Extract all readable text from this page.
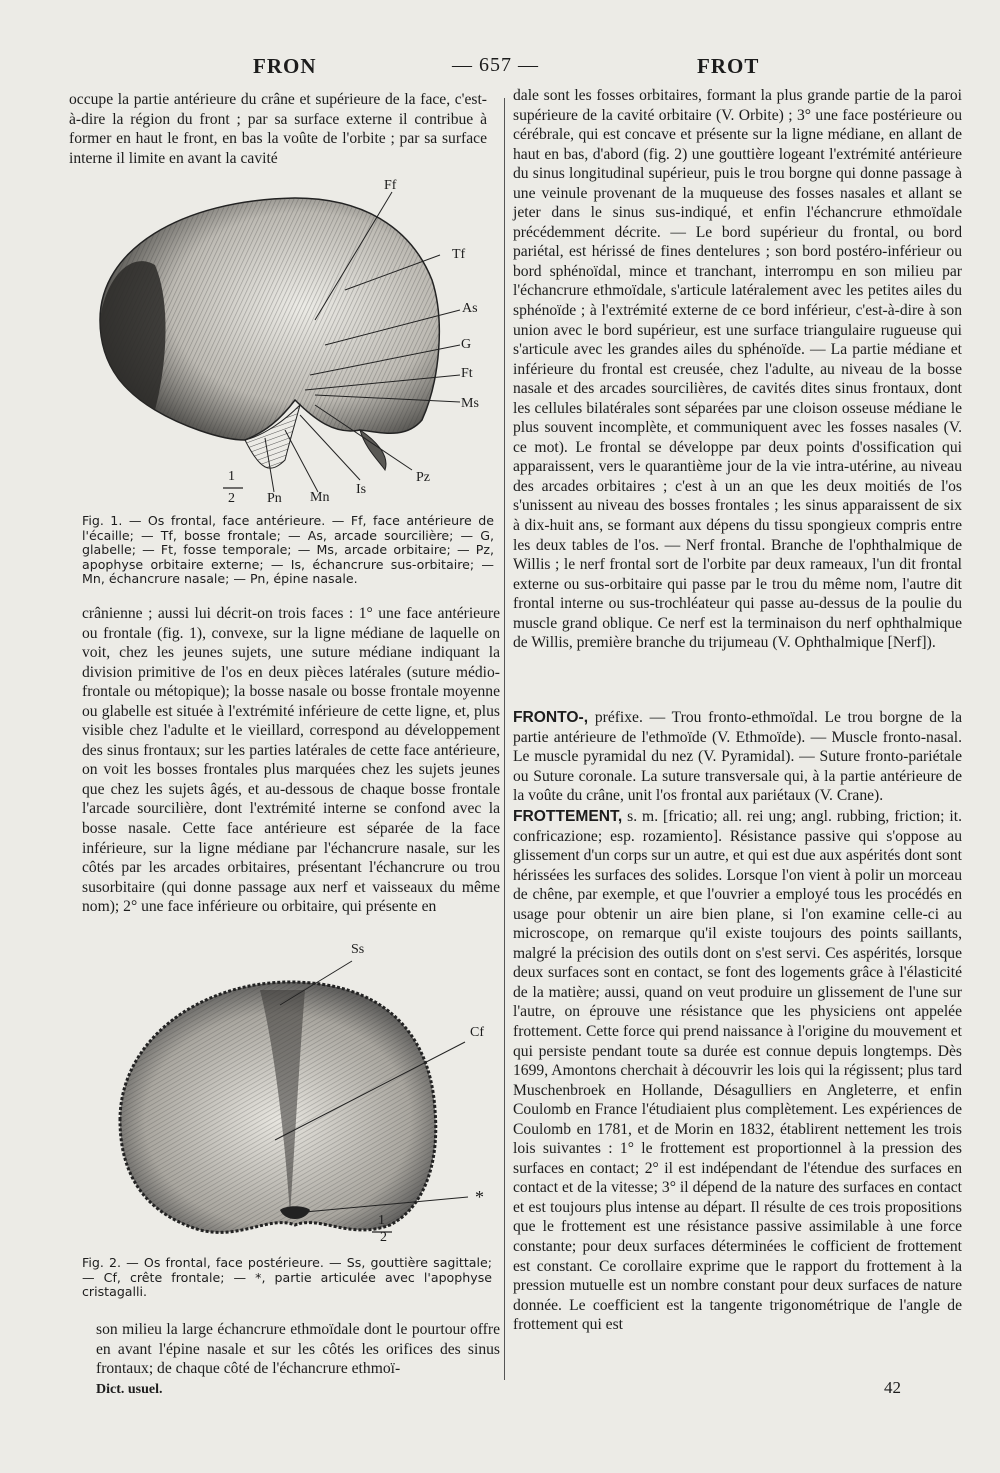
FRON	— 657 —	FROT

occupe la partie antérieure du crâne et supérieure de la face, c'est-à-dire la région du front ; par sa surface externe il contribue à former en haut le front, en bas la voûte de l'orbite ; par sa surface interne il limite en avant la cavité

Ff
Tf
As
G
Ft
Ms
Pz
Is
Mn
Pn
1
2
Fig. 1. — Os frontal, face antérieure. — Ff, face antérieure de l'écaille; — Tf, bosse frontale; — As, arcade sourcilière; — G, glabelle; — Ft, fosse temporale; — Ms, arcade orbitaire; — Pz, apophyse orbitaire externe; — Is, échancrure sus-orbitaire; — Mn, échancrure nasale; — Pn, épine nasale.

crânienne ; aussi lui décrit-on trois faces : 1° une face antérieure ou frontale (fig. 1), convexe, sur la ligne médiane de laquelle on voit, chez les jeunes sujets, une suture médiane indiquant la division primitive de l'os en deux pièces latérales (suture médio-frontale ou métopique); la bosse nasale ou bosse frontale moyenne ou glabelle est située à l'extrémité inférieure de cette ligne, et, plus visible chez l'adulte et le vieillard, correspond au développement des sinus frontaux; sur les parties latérales de cette face antérieure, on voit les bosses frontales plus marquées chez les sujets jeunes que chez les sujets âgés, et au-dessous de chaque bosse frontale l'arcade sourcilière, dont l'extrémité interne se confond avec la bosse nasale. Cette face antérieure est séparée de la face inférieure, sur la ligne médiane par l'échancrure nasale, sur les côtés par les arcades orbitaires, présentant l'échancrure ou trou susorbitaire (qui donne passage aux nerf et vaisseaux du même nom); 2° une face inférieure ou orbitaire, qui présente en

Ss
Cf
*
1
2
Fig. 2. — Os frontal, face postérieure. — Ss, gouttière sagittale; — Cf, crête frontale; — *, partie articulée avec l'apophyse cristagalli.

son milieu la large échancrure ethmoïdale dont le pourtour offre en avant l'épine nasale et sur les côtés les orifices des sinus frontaux; de chaque côté de l'échancrure ethmoï-

Dict. usuel.

dale sont les fosses orbitaires, formant la plus grande partie de la paroi supérieure de la cavité orbitaire (V. Orbite) ; 3° une face postérieure ou cérébrale, qui est concave et présente sur la ligne médiane, en allant de haut en bas, d'abord (fig. 2) une gouttière logeant l'extrémité antérieure du sinus longitudinal supérieur, puis le trou borgne qui donne passage à une veinule provenant de la muqueuse des fosses nasales et allant se jeter dans le sinus sus-indiqué, et enfin l'échancrure ethmoïdale précédemment décrite. — Le bord supérieur du frontal, ou bord pariétal, est hérissé de fines dentelures ; son bord postéro-inférieur ou bord sphénoïdal, mince et tranchant, interrompu en son milieu par l'échancrure ethmoïdale, s'articule latéralement avec les petites ailes du sphénoïde ; à l'extrémité externe de ce bord inférieur, c'est-à-dire à son union avec le bord supérieur, est une surface triangulaire rugueuse qui s'articule avec les grandes ailes du sphénoïde. — La partie médiane et inférieure du frontal est creusée, chez l'adulte, au niveau de la bosse nasale et des arcades sourcilières, de cavités dites sinus frontaux, dont les cellules bilatérales sont séparées par une cloison osseuse médiane le plus souvent incomplète, et communiquent avec les fosses nasales (V. ce mot). Le frontal se développe par deux points d'ossification qui apparaissent, vers le quarantième jour de la vie intra-utérine, au niveau des arcades orbitaires ; c'est à un an que les deux moitiés de l'os s'unissent au niveau des bosses frontales ; les sinus apparaissent de six à dix-huit ans, se formant aux dépens du tissu spongieux compris entre les deux tables de l'os. — Nerf frontal. Branche de l'ophthalmique de Willis ; le nerf frontal sort de l'orbite par deux rameaux, l'un dit frontal externe ou sus-orbitaire qui passe par le trou du même nom, l'autre dit frontal interne ou sus-trochléateur qui passe au-dessus de la poulie du muscle grand oblique. Ce nerf est la terminaison du nerf ophthalmique de Willis, première branche du trijumeau (V. Ophthalmique [Nerf]).

FRONTO-, préfixe. — Trou fronto-ethmoïdal. Le trou borgne de la partie antérieure de l'ethmoïde (V. Ethmoïde). — Muscle fronto-nasal. Le muscle pyramidal du nez (V. Pyramidal). — Suture fronto-pariétale ou Suture coronale. La suture transversale qui, à la partie antérieure de la voûte du crâne, unit l'os frontal aux pariétaux (V. Crane).

FROTTEMENT, s. m. [fricatio; all. rei ung; angl. rubbing, friction; it. confricazione; esp. rozamiento]. Résistance passive qui s'oppose au glissement d'un corps sur un autre, et qui est due aux aspérités dont sont hérissées les surfaces des solides. Lorsque l'on vient à polir un morceau de chêne, par exemple, et que l'ouvrier a employé tous les procédés en usage pour obtenir un aire bien plane, si l'on examine celle-ci au microscope, on remarque qu'il existe toujours des points saillants, malgré la précision des outils dont on s'est servi. Ces aspérités, lorsque deux surfaces sont en contact, se font des logements grâce à l'élasticité de la matière; aussi, quand on veut produire un glissement de l'une sur l'autre, on éprouve une résistance que les physiciens ont appelée frottement. Cette force qui prend naissance à l'origine du mouvement et qui persiste pendant toute sa durée est connue depuis longtemps. Dès 1699, Amontons cherchait à découvrir les lois qui la régissent; plus tard Muschenbroek en Hollande, Désagulliers en Angleterre, et enfin Coulomb en France l'étudiaient plus complètement. Les expériences de Coulomb en 1781, et de Morin en 1832, établirent nettement les trois lois suivantes : 1° le frottement est proportionnel à la pression des surfaces en contact; 2° il est indépendant de l'étendue des surfaces en contact et de la vitesse; 3° il dépend de la nature des surfaces en contact et est toujours plus intense au départ. Il résulte de ces trois propositions que le frottement est une résistance passive assimilable à une force constante; pour deux surfaces déterminées le cofficient de frottement est constant. Ce corollaire exprime que le rapport du frottement à la pression mutuelle est un nombre constant pour deux surfaces de nature donnée. Le coefficient est la tangente trigonométrique de l'angle de frottement qui est

42
